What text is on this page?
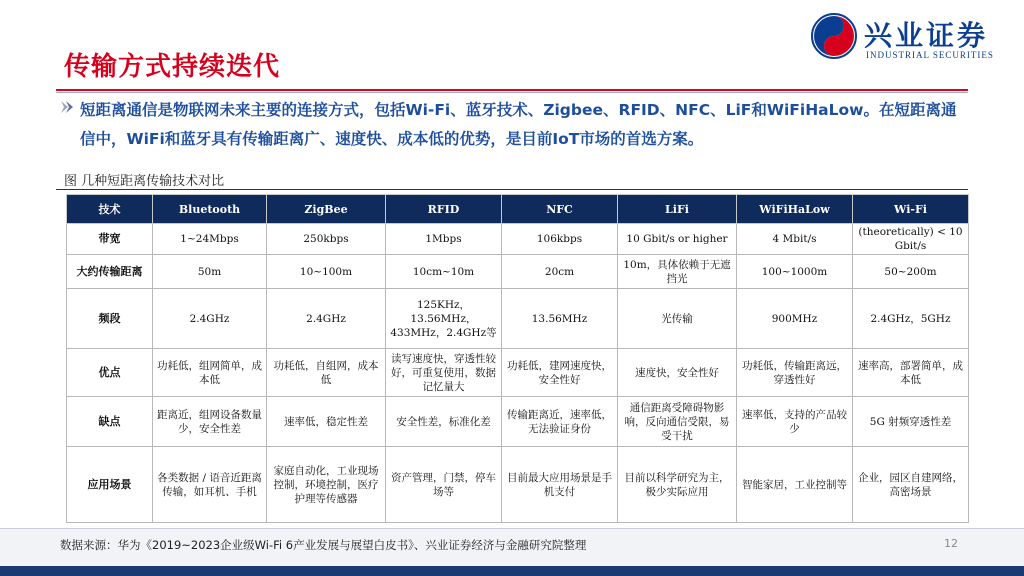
传输方式持续迭代
兴业证券
INDUSTRIAL SECURITIES
短距离通信是物联网未来主要的连接方式，包括Wi-Fi、蓝牙技术、Zigbee、RFID、NFC、LiF和WiFiHaLow。在短距离通
信中，WiFi和蓝牙具有传输距离广、速度快、成本低的优势，是目前IoT市场的首选方案。
图 几种短距离传输技术对比
技术	Bluetooth	ZigBee	RFID	NFC	LiFi	WiFiHaLow	Wi-Fi
带宽	1~24Mbps	250kbps	1Mbps	106kbps	10 Gbit/s or higher	4 Mbit/s	(theoretically) < 10 Gbit/s
大约传输距离	50m	10~100m	10cm~10m	20cm	10m，具体依赖于无遮挡光	100~1000m	50~200m
频段	2.4GHz	2.4GHz	125KHz，13.56MHz，433MHz，2.4GHz等	13.56MHz	光传输	900MHz	2.4GHz，5GHz
优点	功耗低，组网简单，成本低	功耗低，自组网，成本低	读写速度快，穿透性较好，可重复使用，数据记忆量大	功耗低，建网速度快，安全性好	速度快，安全性好	功耗低，传输距离远，穿透性好	速率高，部署简单，成本低
缺点	距离近，组网设备数量少，安全性差	速率低，稳定性差	安全性差，标准化差	传输距离近，速率低，无法验证身份	通信距离受障碍物影响，反向通信受限，易受干扰	速率低，支持的产品较少	5G 射频穿透性差
应用场景	各类数据 / 语音近距离传输，如耳机、手机	家庭自动化，工业现场控制，环境控制，医疗护理等传感器	资产管理，门禁，停车场等	目前最大应用场景是手机支付	目前以科学研究为主，极少实际应用	智能家居，工业控制等	企业，园区自建网络，高密场景
数据来源：华为《2019~2023企业级Wi-Fi 6产业发展与展望白皮书》、兴业证券经济与金融研究院整理	12
